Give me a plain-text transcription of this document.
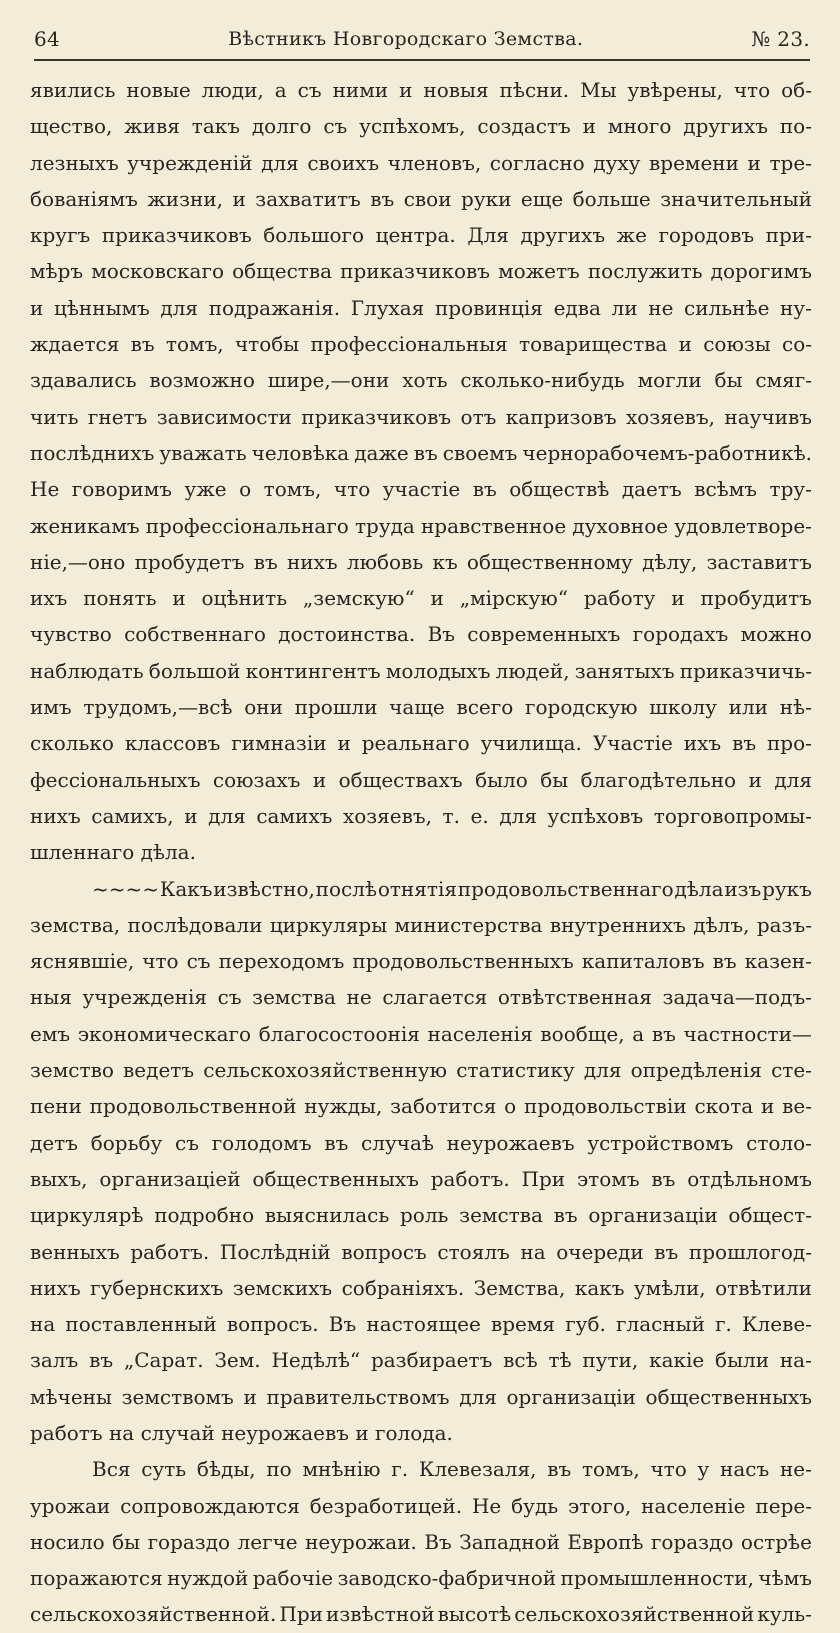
64	Вѣстникъ Новгородскаго Земства.	№ 23.
явились новые люди, а съ ними и новыя пѣсни. Мы увѣрены, что об-
щество, живя такъ долго съ успѣхомъ, создастъ и много другихъ по-
лезныхъ учрежденій для своихъ членовъ, согласно духу времени и тре-
бованіямъ жизни, и захватитъ въ свои руки еще больше значительный
кругъ приказчиковъ большого центра. Для другихъ же городовъ при-
мѣръ московскаго общества приказчиковъ можетъ послужить дорогимъ
и цѣннымъ для подражанія. Глухая провинція едва ли не сильнѣе ну-
ждается въ томъ, чтобы профессіональныя товарищества и союзы со-
здавались возможно шире,—они хоть сколько-нибудь могли бы смяг-
чить гнетъ зависимости приказчиковъ отъ капризовъ хозяевъ, научивъ
послѣднихъ уважать человѣка даже въ своемъ чернорабочемъ-работникѣ.
Не говоримъ уже о томъ, что участіе въ обществѣ даетъ всѣмъ тру-
женикамъ профессіональнаго труда нравственное духовное удовлетворе-
ніе,—оно пробудетъ въ нихъ любовь къ общественному дѣлу, заставитъ
ихъ понять и оцѣнить „земскую“ и „мірскую“ работу и пробудитъ
чувство собственнаго достоинства. Въ современныхъ городахъ можно
наблюдать большой контингентъ молодыхъ людей, занятыхъ приказчичь-
имъ трудомъ,—всѣ они прошли чаще всего городскую школу или нѣ-
сколько классовъ гимназіи и реальнаго училища. Участіе ихъ въ про-
фессіональныхъ союзахъ и обществахъ было бы благодѣтельно и для
нихъ самихъ, и для самихъ хозяевъ, т. е. для успѣховъ торговопромы-
шленнаго дѣла.
~~~~ Какъ извѣстно, послѣ отнятія продовольственнаго дѣла изъ рукъ
земства, послѣдовали циркуляры министерства внутреннихъ дѣлъ, разъ-
яснявшіе, что съ переходомъ продовольственныхъ капиталовъ въ казен-
ныя учрежденія съ земства не слагается отвѣтственная задача—подъ-
емъ экономическаго благосостоонія населенія вообще, а въ частности—
земство ведетъ сельскохозяйственную статистику для опредѣленія сте-
пени продовольственной нужды, заботится о продовольствіи скота и ве-
детъ борьбу съ голодомъ въ случаѣ неурожаевъ устройствомъ столо-
выхъ, организаціей общественныхъ работъ. При этомъ въ отдѣльномъ
циркулярѣ подробно выяснилась роль земства въ организаціи общест-
венныхъ работъ. Послѣдній вопросъ стоялъ на очереди въ прошлогод-
нихъ губернскихъ земскихъ собраніяхъ. Земства, какъ умѣли, отвѣтили
на поставленный вопросъ. Въ настоящее время губ. гласный г. Клеве-
залъ въ „Сарат. Зем. Недѣлѣ“ разбираетъ всѣ тѣ пути, какіе были на-
мѣчены земствомъ и правительствомъ для организаціи общественныхъ
работъ на случай неурожаевъ и голода.
Вся суть бѣды, по мнѣнію г. Клевезаля, въ томъ, что у насъ не-
урожаи сопровождаются безработицей. Не будь этого, населеніе пере-
носило бы гораздо легче неурожаи. Въ Западной Европѣ гораздо острѣе
поражаются нуждой рабочіе заводско-фабричной промышленности, чѣмъ
сельскохозяйственной. При извѣстной высотѣ сельскохозяйственной куль-
